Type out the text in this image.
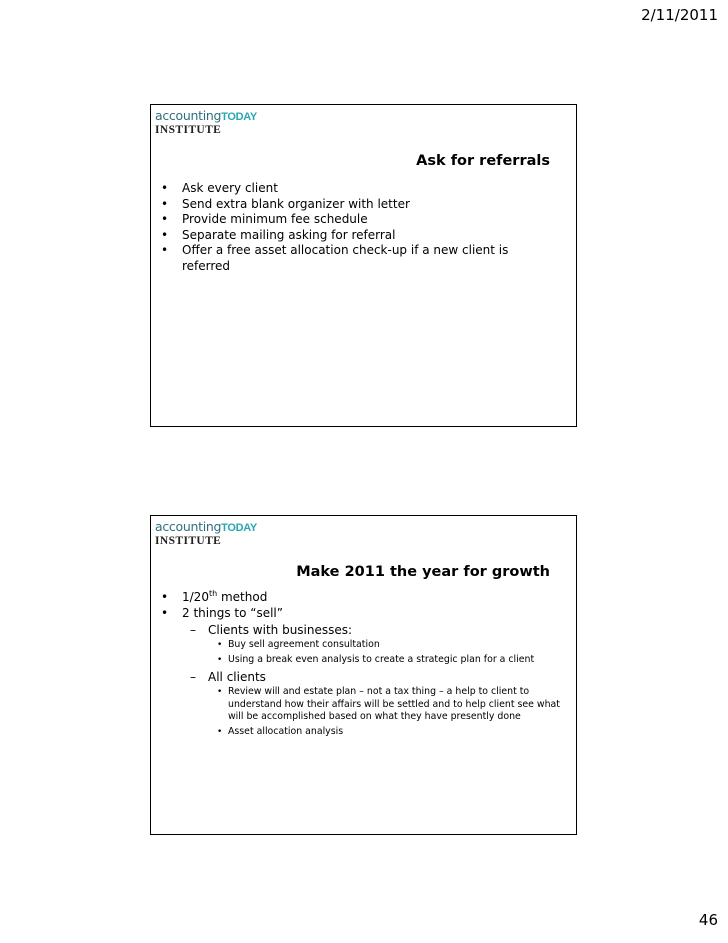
2/11/2011
accountingTODAY
INSTITUTE
Ask for referrals
• Ask every client
• Send extra blank organizer with letter
• Provide minimum fee schedule
• Separate mailing asking for referral
• Offer a free asset allocation check-up if a new client is referred
accountingTODAY
INSTITUTE
Make 2011 the year for growth
• 1/20th method
• 2 things to “sell”
– Clients with businesses:
• Buy sell agreement consultation
• Using a break even analysis to create a strategic plan for a client
– All clients
• Review will and estate plan – not a tax thing – a help to client to understand how their affairs will be settled and to help client see what will be accomplished based on what they have presently done
• Asset allocation analysis
46
